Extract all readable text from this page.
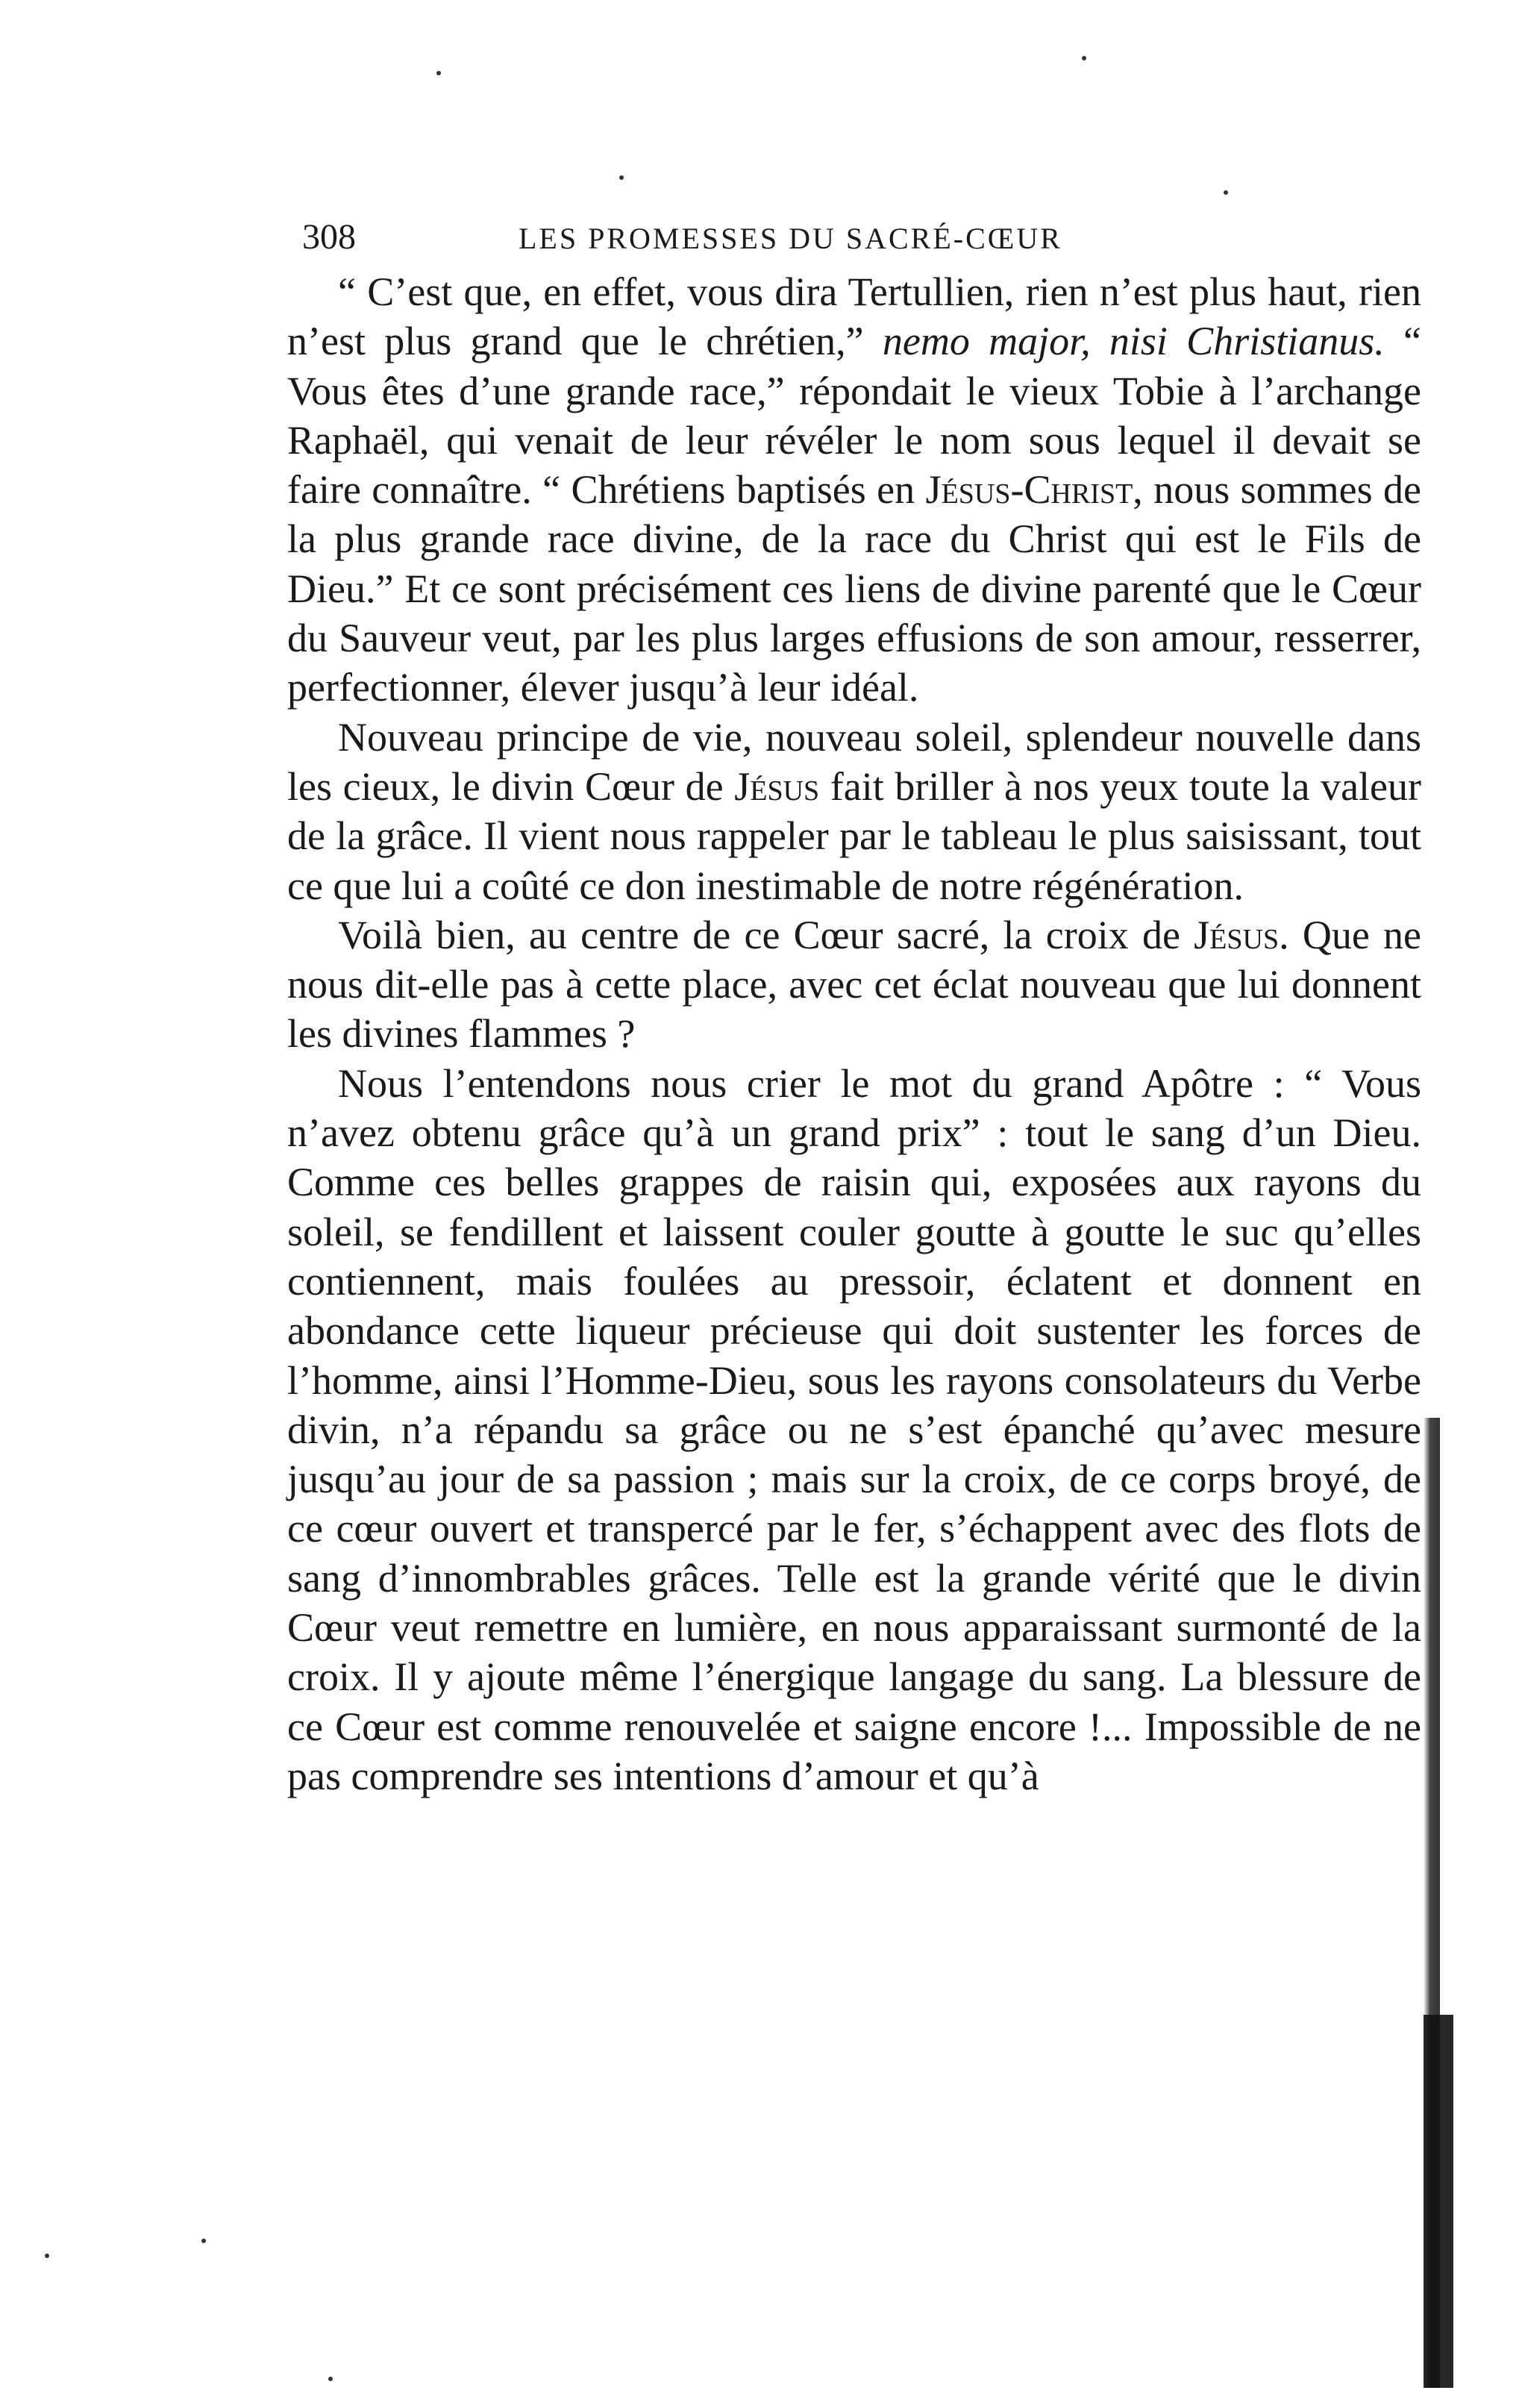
308	LES PROMESSES DU SACRÉ-CŒUR

“ C’est que, en effet, vous dira Tertullien, rien n’est plus haut, rien n’est plus grand que le chrétien,” nemo major, nisi Christianus. “ Vous êtes d’une grande race,” répondait le vieux Tobie à l’archange Raphaël, qui venait de leur révéler le nom sous lequel il devait se faire connaître. “ Chrétiens baptisés en Jésus-Christ, nous sommes de la plus grande race divine, de la race du Christ qui est le Fils de Dieu.” Et ce sont précisément ces liens de divine parenté que le Cœur du Sauveur veut, par les plus larges effusions de son amour, resserrer, perfectionner, élever jusqu’à leur idéal.

Nouveau principe de vie, nouveau soleil, splendeur nouvelle dans les cieux, le divin Cœur de Jésus fait briller à nos yeux toute la valeur de la grâce. Il vient nous rappeler par le tableau le plus saisissant, tout ce que lui a coûté ce don inestimable de notre régénération.

Voilà bien, au centre de ce Cœur sacré, la croix de Jésus. Que ne nous dit-elle pas à cette place, avec cet éclat nouveau que lui donnent les divines flammes ?

Nous l’entendons nous crier le mot du grand Apôtre : “ Vous n’avez obtenu grâce qu’à un grand prix” : tout le sang d’un Dieu. Comme ces belles grappes de raisin qui, exposées aux rayons du soleil, se fendillent et laissent couler goutte à goutte le suc qu’elles contiennent, mais foulées au pressoir, éclatent et donnent en abondance cette liqueur précieuse qui doit sustenter les forces de l’homme, ainsi l’Homme-Dieu, sous les rayons consolateurs du Verbe divin, n’a répandu sa grâce ou ne s’est épanché qu’avec mesure jusqu’au jour de sa passion ; mais sur la croix, de ce corps broyé, de ce cœur ouvert et transpercé par le fer, s’échappent avec des flots de sang d’innombrables grâces. Telle est la grande vérité que le divin Cœur veut remettre en lumière, en nous apparaissant surmonté de la croix. Il y ajoute même l’énergique langage du sang. La blessure de ce Cœur est comme renouvelée et saigne encore !... Impossible de ne pas comprendre ses intentions d’amour et qu’à
